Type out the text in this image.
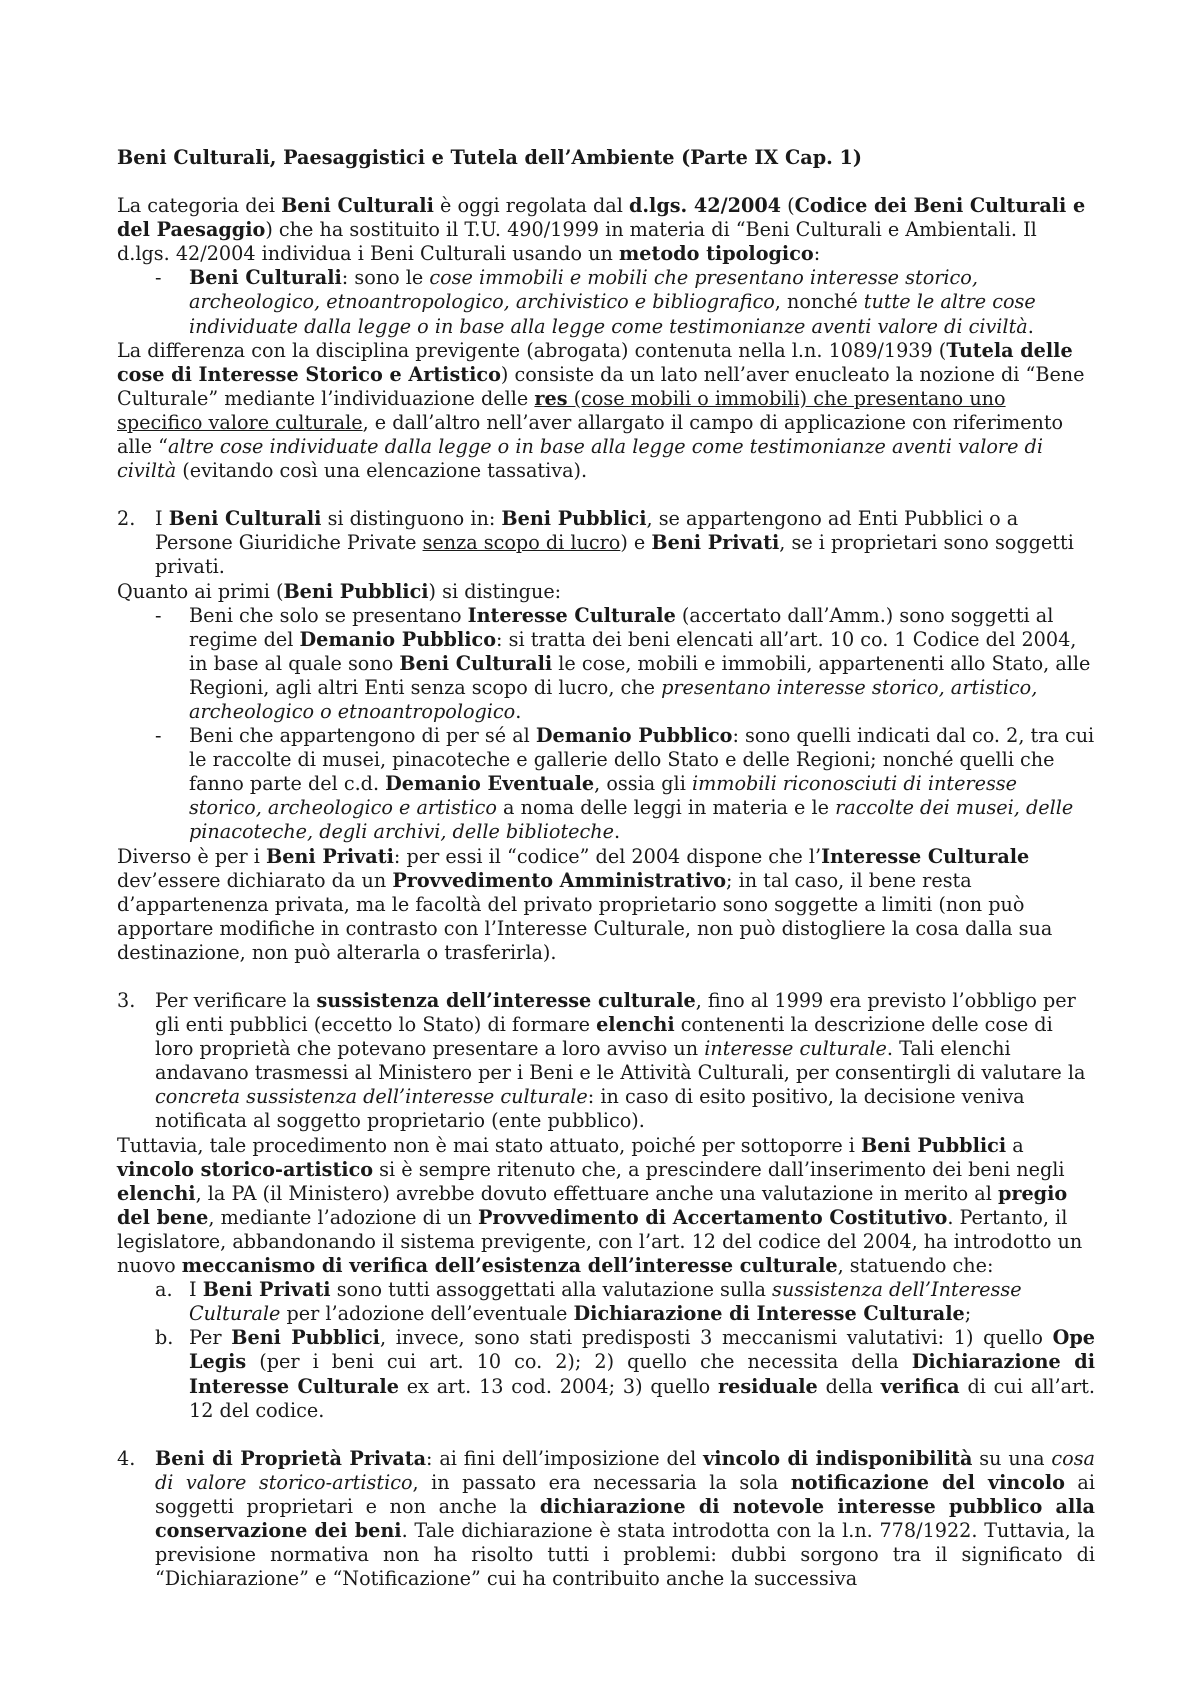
Beni Culturali, Paesaggistici e Tutela dell’Ambiente (Parte IX Cap. 1)

La categoria dei Beni Culturali è oggi regolata dal d.lgs. 42/2004 (Codice dei Beni Culturali e del Paesaggio) che ha sostituito il T.U. 490/1999 in materia di “Beni Culturali e Ambientali. Il d.lgs. 42/2004 individua i Beni Culturali usando un metodo tipologico:

- Beni Culturali: sono le cose immobili e mobili che presentano interesse storico, archeologico, etnoantropologico, archivistico e bibliografico, nonché tutte le altre cose individuate dalla legge o in base alla legge come testimonianze aventi valore di civiltà.

La differenza con la disciplina previgente (abrogata) contenuta nella l.n. 1089/1939 (Tutela delle cose di Interesse Storico e Artistico) consiste da un lato nell’aver enucleato la nozione di “Bene Culturale” mediante l’individuazione delle res (cose mobili o immobili) che presentano uno specifico valore culturale, e dall’altro nell’aver allargato il campo di applicazione con riferimento alle “altre cose individuate dalla legge o in base alla legge come testimonianze aventi valore di civiltà (evitando così una elencazione tassativa).

2. I Beni Culturali si distinguono in: Beni Pubblici, se appartengono ad Enti Pubblici o a Persone Giuridiche Private senza scopo di lucro) e Beni Privati, se i proprietari sono soggetti privati.

Quanto ai primi (Beni Pubblici) si distingue:

- Beni che solo se presentano Interesse Culturale (accertato dall’Amm.) sono soggetti al regime del Demanio Pubblico: si tratta dei beni elencati all’art. 10 co. 1 Codice del 2004, in base al quale sono Beni Culturali le cose, mobili e immobili, appartenenti allo Stato, alle Regioni, agli altri Enti senza scopo di lucro, che presentano interesse storico, artistico, archeologico o etnoantropologico.

- Beni che appartengono di per sé al Demanio Pubblico: sono quelli indicati dal co. 2, tra cui le raccolte di musei, pinacoteche e gallerie dello Stato e delle Regioni; nonché quelli che fanno parte del c.d. Demanio Eventuale, ossia gli immobili riconosciuti di interesse storico, archeologico e artistico a noma delle leggi in materia e le raccolte dei musei, delle pinacoteche, degli archivi, delle biblioteche.

Diverso è per i Beni Privati: per essi il “codice” del 2004 dispone che l’Interesse Culturale dev’essere dichiarato da un Provvedimento Amministrativo; in tal caso, il bene resta d’appartenenza privata, ma le facoltà del privato proprietario sono soggette a limiti (non può apportare modifiche in contrasto con l’Interesse Culturale, non può distogliere la cosa dalla sua destinazione, non può alterarla o trasferirla).

3. Per verificare la sussistenza dell’interesse culturale, fino al 1999 era previsto l’obbligo per gli enti pubblici (eccetto lo Stato) di formare elenchi contenenti la descrizione delle cose di loro proprietà che potevano presentare a loro avviso un interesse culturale. Tali elenchi andavano trasmessi al Ministero per i Beni e le Attività Culturali, per consentirgli di valutare la concreta sussistenza dell’interesse culturale: in caso di esito positivo, la decisione veniva notificata al soggetto proprietario (ente pubblico).

Tuttavia, tale procedimento non è mai stato attuato, poiché per sottoporre i Beni Pubblici a vincolo storico-artistico si è sempre ritenuto che, a prescindere dall’inserimento dei beni negli elenchi, la PA (il Ministero) avrebbe dovuto effettuare anche una valutazione in merito al pregio del bene, mediante l’adozione di un Provvedimento di Accertamento Costitutivo. Pertanto, il legislatore, abbandonando il sistema previgente, con l’art. 12 del codice del 2004, ha introdotto un nuovo meccanismo di verifica dell’esistenza dell’interesse culturale, statuendo che:

a. I Beni Privati sono tutti assoggettati alla valutazione sulla sussistenza dell’Interesse Culturale per l’adozione dell’eventuale Dichiarazione di Interesse Culturale;

b. Per Beni Pubblici, invece, sono stati predisposti 3 meccanismi valutativi: 1) quello Ope Legis (per i beni cui art. 10 co. 2); 2) quello che necessita della Dichiarazione di Interesse Culturale ex art. 13 cod. 2004; 3) quello residuale della verifica di cui all’art. 12 del codice.

4. Beni di Proprietà Privata: ai fini dell’imposizione del vincolo di indisponibilità su una cosa di valore storico-artistico, in passato era necessaria la sola notificazione del vincolo ai soggetti proprietari e non anche la dichiarazione di notevole interesse pubblico alla conservazione dei beni. Tale dichiarazione è stata introdotta con la l.n. 778/1922. Tuttavia, la previsione normativa non ha risolto tutti i problemi: dubbi sorgono tra il significato di “Dichiarazione” e “Notificazione” cui ha contribuito anche la successiva
